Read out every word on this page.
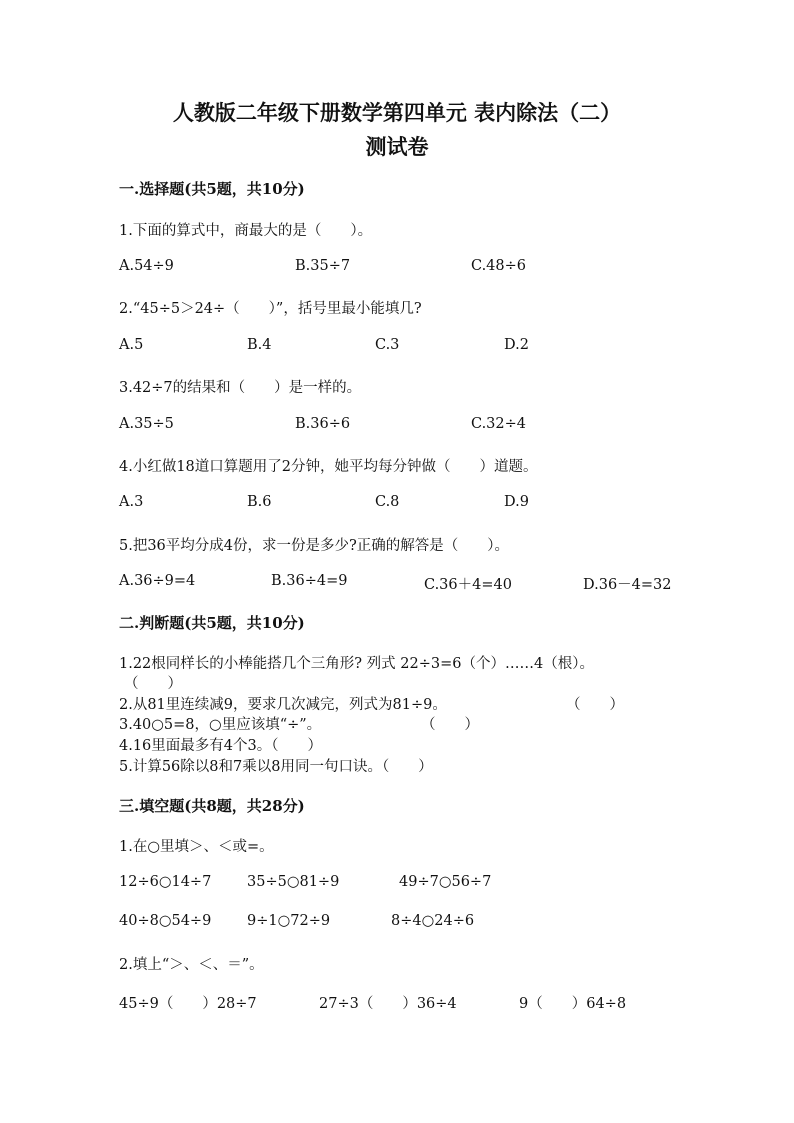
人教版二年级下册数学第四单元 表内除法（二）
测试卷
一.选择题(共5题，共10分)
1.下面的算式中，商最大的是（　　）。
A.54÷9	B.35÷7	C.48÷6
2.“45÷5＞24÷（　　）”，括号里最小能填几?
A.5	B.4	C.3	D.2
3.42÷7的结果和（　　）是一样的。
A.35÷5	B.36÷6	C.32÷4
4.小红做18道口算题用了2分钟，她平均每分钟做（　　）道题。
A.3	B.6	C.8	D.9
5.把36平均分成4份，求一份是多少?正确的解答是（　　）。
A.36÷9=4	B.36÷4=9	C.36＋4=40	D.36－4=32
二.判断题(共5题，共10分)
1.22根同样长的小棒能搭几个三角形? 列式 22÷3=6（个）……4（根）。
（　　）
2.从81里连续减9，要求几次减完，列式为81÷9。	（　　）
3.40○5=8，○里应该填“÷”。	（　　）
4.16里面最多有4个3。（　　）
5.计算56除以8和7乘以8用同一句口诀。（　　）
三.填空题(共8题，共28分)
1.在○里填＞、＜或=。
12÷6○14÷7 35÷5○81÷9	49÷7○56÷7
40÷8○54÷9 9÷1○72÷9	8÷4○24÷6
2.填上“＞、＜、＝”。
45÷9（　　）28÷7	27÷3（　　）36÷4	9（　　）64÷8
